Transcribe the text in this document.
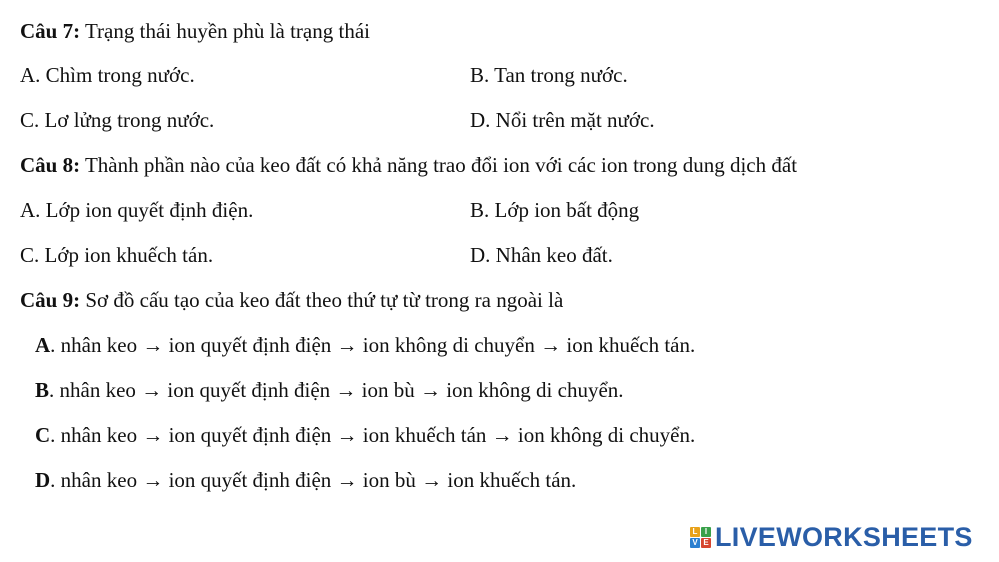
Câu 7: Trạng thái huyền phù là trạng thái
A. Chìm trong nước.	B. Tan trong nước.
C. Lơ lửng trong nước.	D. Nổi trên mặt nước.
Câu 8: Thành phần nào của keo đất có khả năng trao đổi ion với các ion trong dung dịch đất
A. Lớp ion quyết định điện.	B. Lớp ion bất động
C. Lớp ion khuếch tán.	D. Nhân keo đất.
Câu 9: Sơ đồ cấu tạo của keo đất theo thứ tự từ trong ra ngoài là
A. nhân keo → ion quyết định điện → ion không di chuyển → ion khuếch tán.
B. nhân keo → ion quyết định điện → ion bù → ion không di chuyển.
C. nhân keo → ion quyết định điện → ion khuếch tán → ion không di chuyển.
D. nhân keo → ion quyết định điện → ion bù → ion khuếch tán.
L I
V E LIVEWORKSHEETS
